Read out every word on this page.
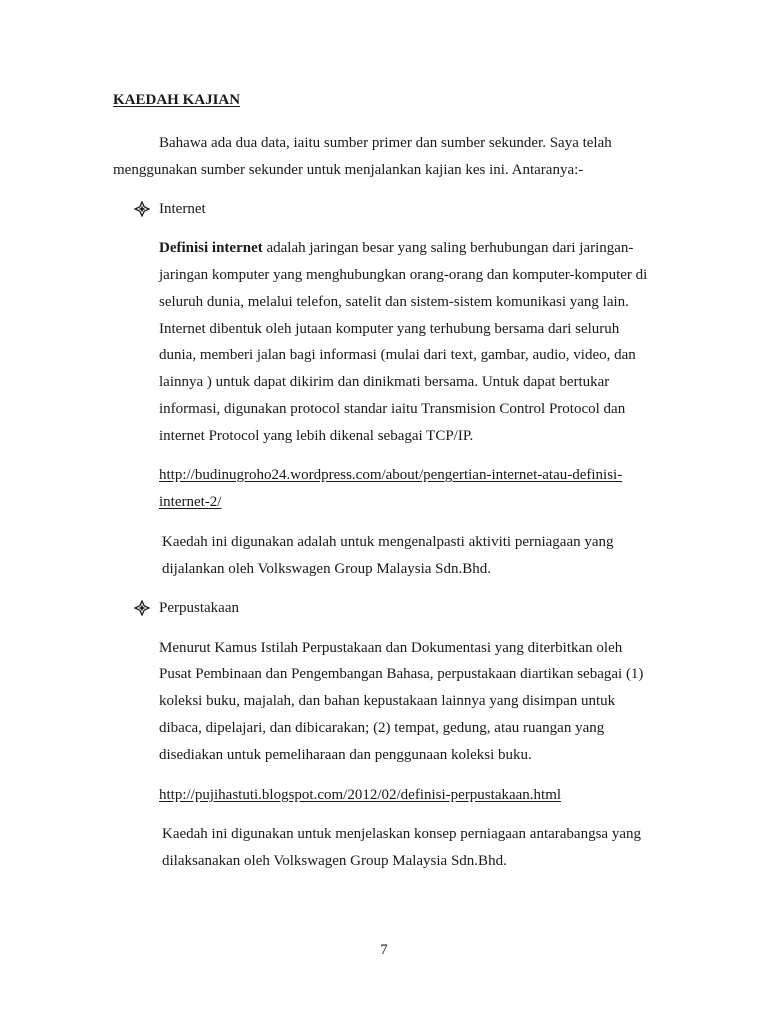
KAEDAH KAJIAN
Bahawa ada dua data, iaitu sumber primer dan sumber sekunder. Saya telah
menggunakan sumber sekunder untuk menjalankan kajian kes ini. Antaranya:-
Internet
Definisi internet adalah jaringan besar yang saling berhubungan dari jaringan-
jaringan komputer yang menghubungkan orang-orang dan komputer-komputer di
seluruh dunia, melalui telefon, satelit dan sistem-sistem komunikasi yang lain.
Internet dibentuk oleh jutaan komputer yang terhubung bersama dari seluruh
dunia, memberi jalan bagi informasi (mulai dari text, gambar, audio, video, dan
lainnya ) untuk dapat dikirim dan dinikmati bersama. Untuk dapat bertukar
informasi, digunakan protocol standar iaitu Transmision Control Protocol dan
internet Protocol yang lebih dikenal sebagai TCP/IP.
http://budinugroho24.wordpress.com/about/pengertian-internet-atau-definisi-
internet-2/
Kaedah ini digunakan adalah untuk mengenalpasti aktiviti perniagaan yang
dijalankan oleh Volkswagen Group Malaysia Sdn.Bhd.
Perpustakaan
Menurut Kamus Istilah Perpustakaan dan Dokumentasi yang diterbitkan oleh
Pusat Pembinaan dan Pengembangan Bahasa, perpustakaan diartikan sebagai (1)
koleksi buku, majalah, dan bahan kepustakaan lainnya yang disimpan untuk
dibaca, dipelajari, dan dibicarakan; (2) tempat, gedung, atau ruangan yang
disediakan untuk pemeliharaan dan penggunaan koleksi buku.
http://pujihastuti.blogspot.com/2012/02/definisi-perpustakaan.html
Kaedah ini digunakan untuk menjelaskan konsep perniagaan antarabangsa yang
dilaksanakan oleh Volkswagen Group Malaysia Sdn.Bhd.
7
